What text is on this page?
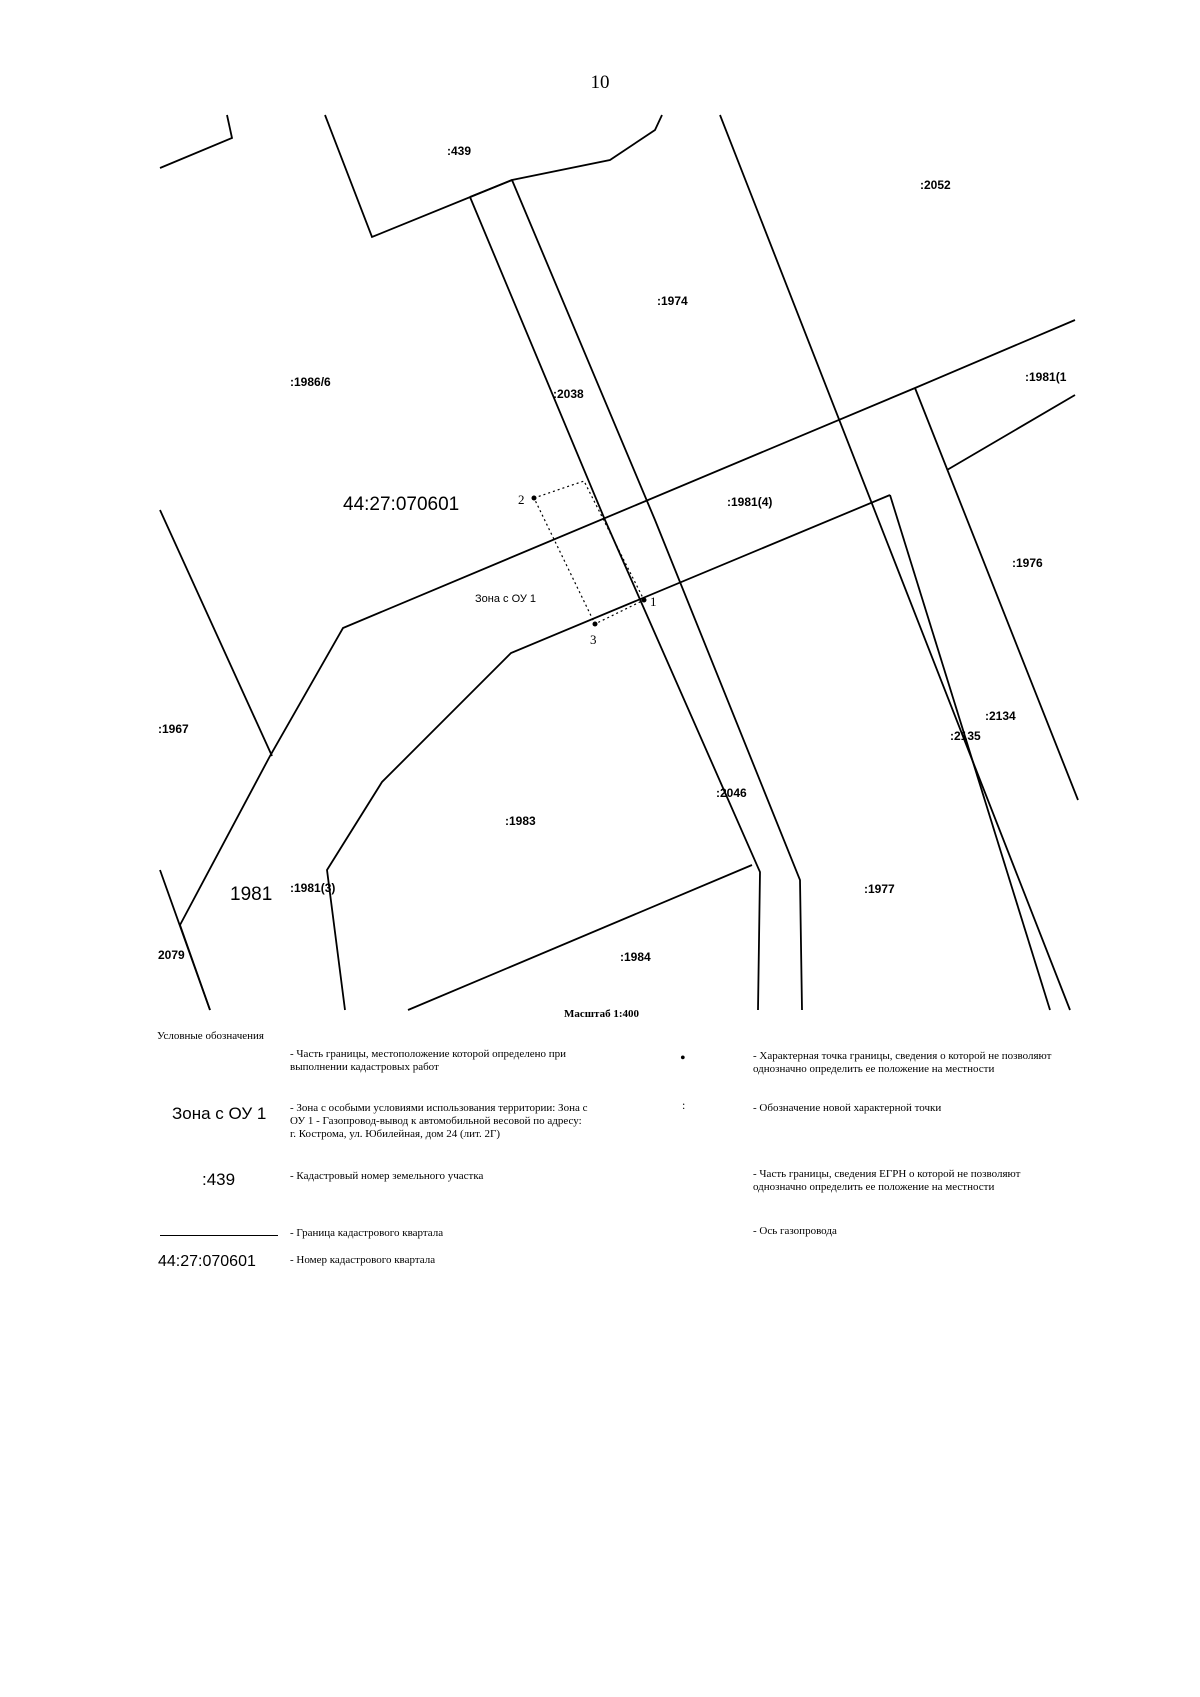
10
1
2
3
44:27:070601
Зона с ОУ 1
:439
:2052
:1974
:1986/6
:2038
:1981(4)
:1981(1
:1976
:1967
:2046
:1983
:1981(3)	:1977
:1984
2079
:2134
:2135
1981
Масштаб 1:400
Условные обозначения
- Часть границы, местоположение которой определено при выполнении кадастровых работ
Зона с ОУ 1 - Зона с особыми условиями использования территории: Зона с ОУ 1 - Газопровод-вывод к автомобильной весовой по адресу: г. Кострома, ул. Юбилейная, дом 24 (лит. 2Г)
:439	- Кадастровый номер земельного участка
- Граница кадастрового квартала
44:27:070601	- Номер кадастрового квартала
•	- Характерная точка границы, сведения о которой не позволяют однозначно определить ее положение на местности
:	- Обозначение новой характерной точки
- Часть границы, сведения ЕГРН о которой не позволяют однозначно определить ее положение на местности
- Ось газопровода
